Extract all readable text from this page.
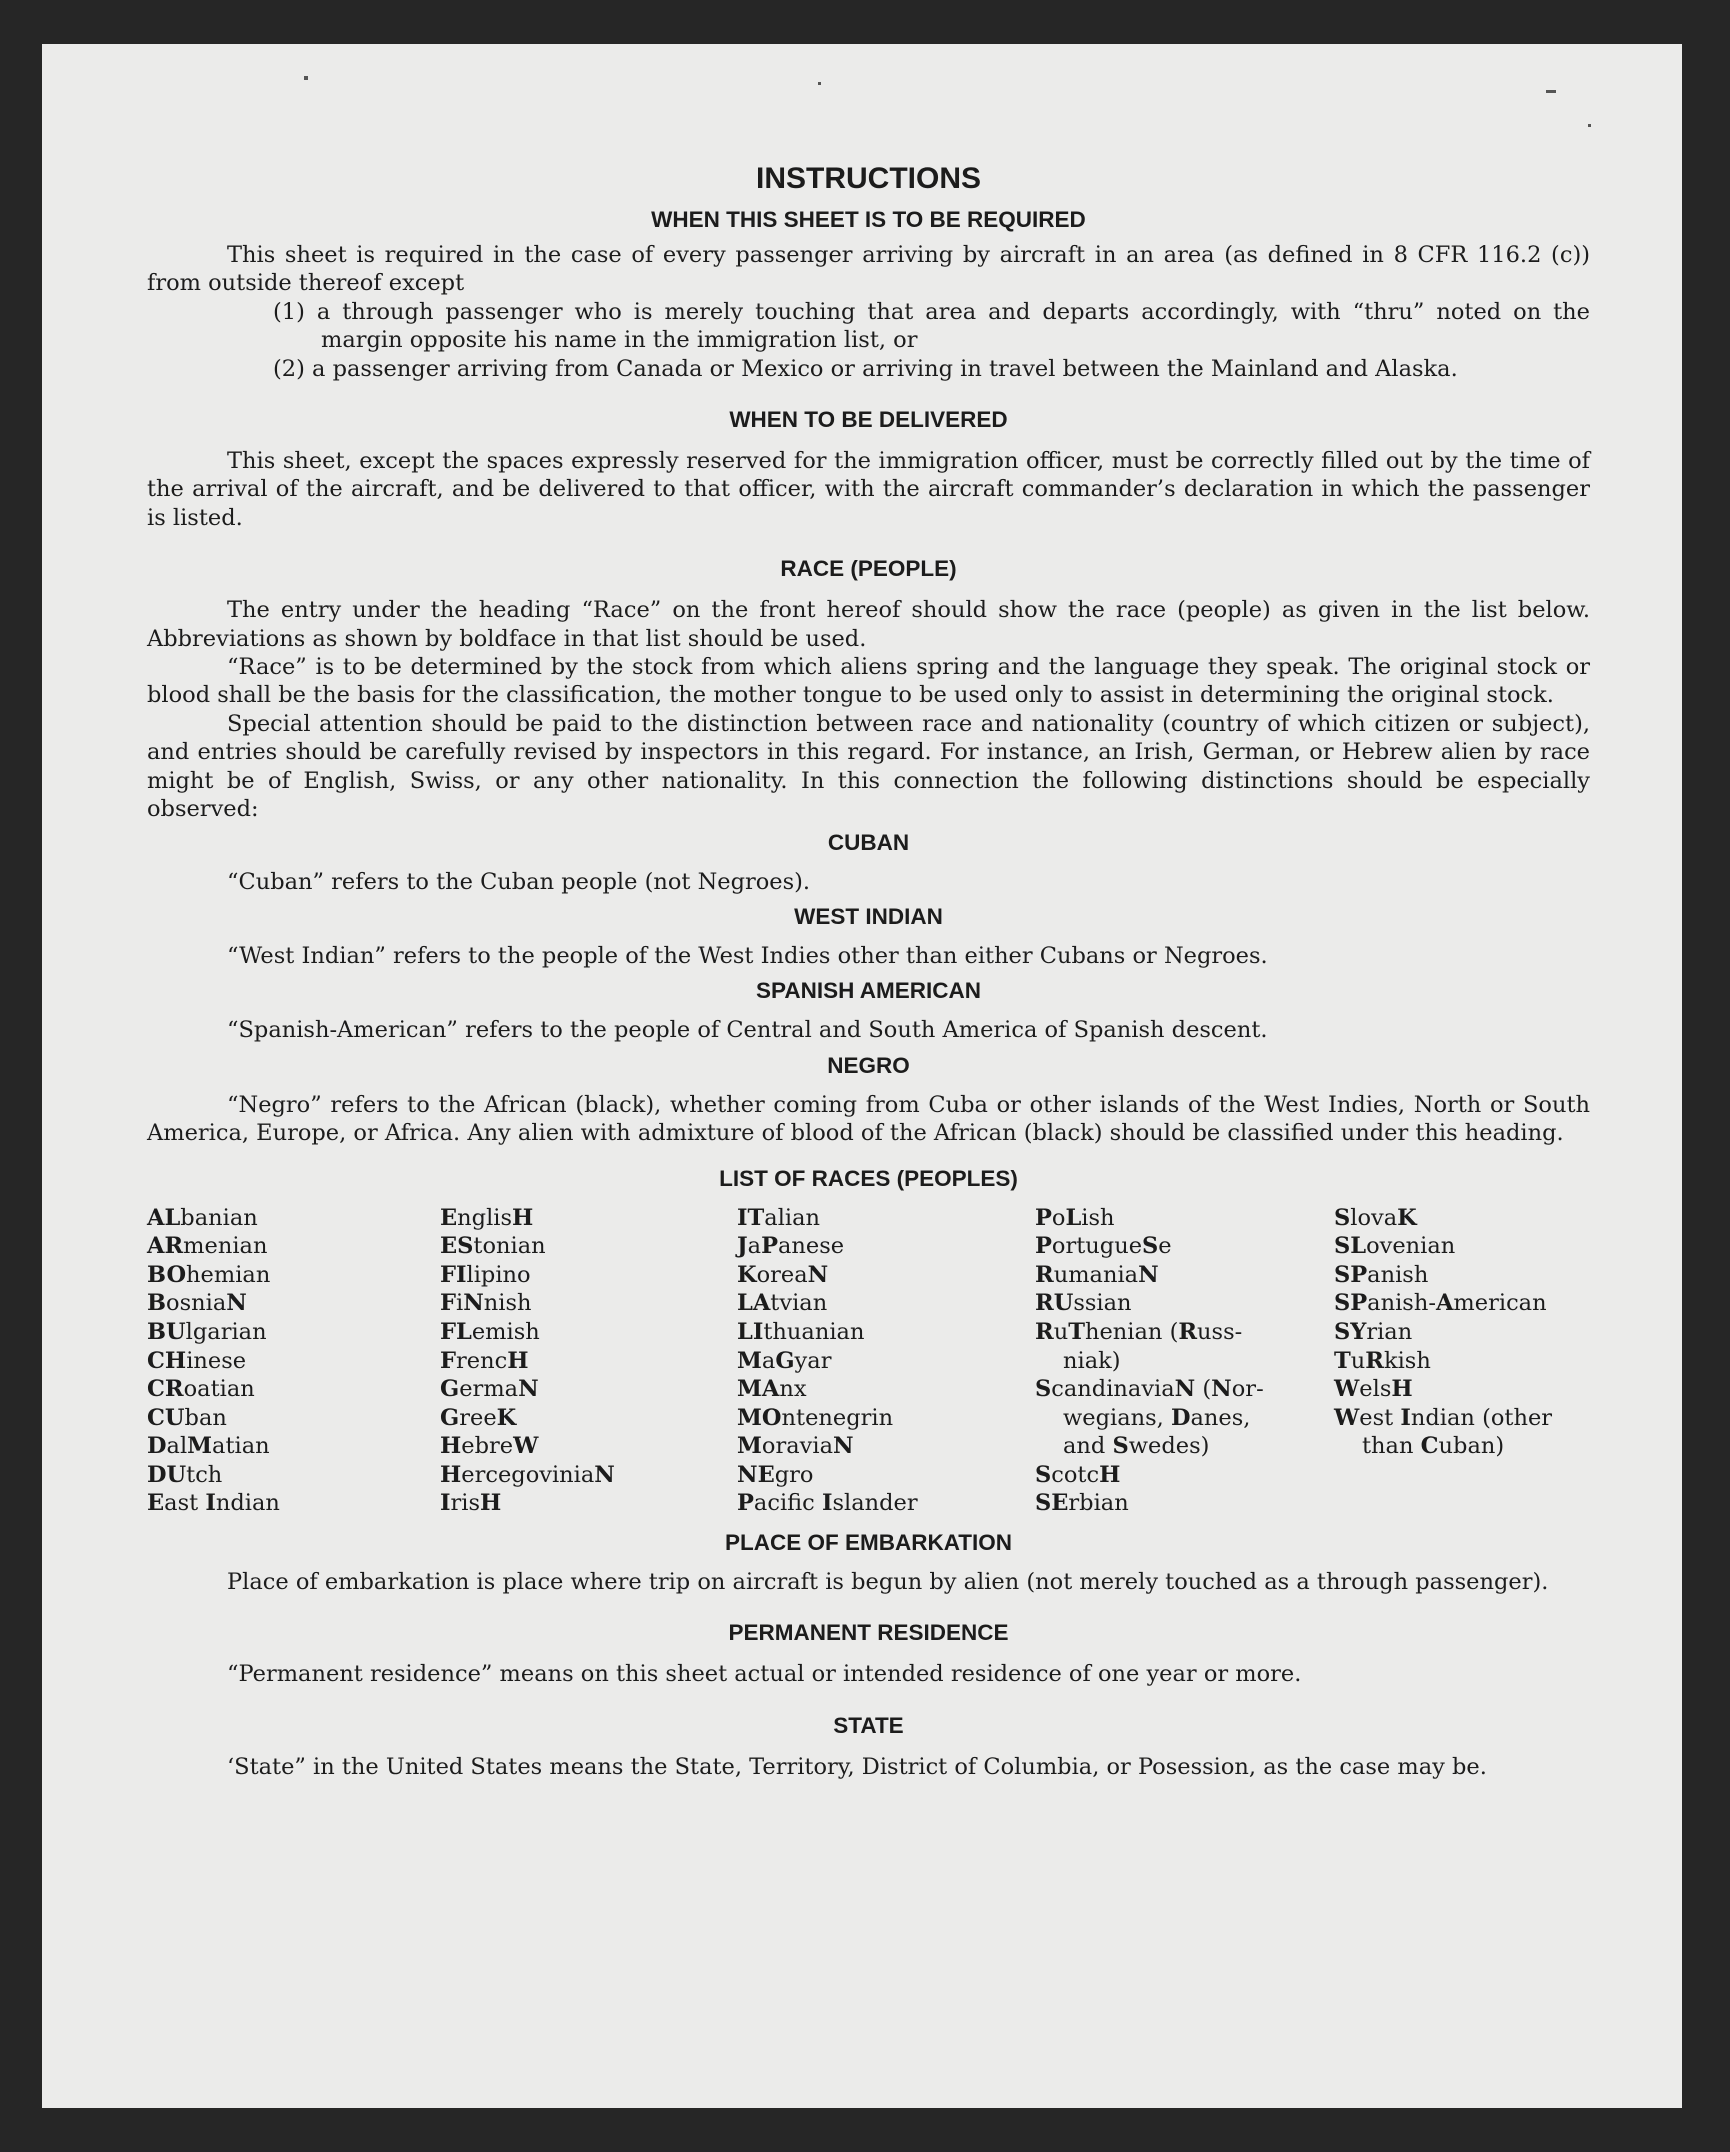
INSTRUCTIONS
WHEN THIS SHEET IS TO BE REQUIRED

This sheet is required in the case of every passenger arriving by aircraft in an area (as defined in 8 CFR 116.2 (c)) from outside thereof except

(1) a through passenger who is merely touching that area and departs accordingly, with “thru” noted on the margin opposite his name in the immigration list, or

(2) a passenger arriving from Canada or Mexico or arriving in travel between the Mainland and Alaska.

WHEN TO BE DELIVERED

This sheet, except the spaces expressly reserved for the immigration officer, must be correctly filled out by the time of the arrival of the aircraft, and be delivered to that officer, with the aircraft commander’s declaration in which the passenger is listed.

RACE (PEOPLE)

The entry under the heading “Race” on the front hereof should show the race (people) as given in the list below. Abbreviations as shown by boldface in that list should be used.

“Race” is to be determined by the stock from which aliens spring and the language they speak. The original stock or blood shall be the basis for the classification, the mother tongue to be used only to assist in determining the original stock.

Special attention should be paid to the distinction between race and nationality (country of which citizen or subject), and entries should be carefully revised by inspectors in this regard. For instance, an Irish, German, or Hebrew alien by race might be of English, Swiss, or any other nationality. In this connection the following distinctions should be especially observed:

CUBAN

“Cuban” refers to the Cuban people (not Negroes).

WEST INDIAN

“West Indian” refers to the people of the West Indies other than either Cubans or Negroes.

SPANISH AMERICAN

“Spanish-American” refers to the people of Central and South America of Spanish descent.

NEGRO

“Negro” refers to the African (black), whether coming from Cuba or other islands of the West Indies, North or South America, Europe, or Africa. Any alien with admixture of blood of the African (black) should be classified under this heading.

LIST OF RACES (PEOPLES)
ALbanian
ARmenian
BOhemian
BosniaN
BUlgarian
CHinese
CRoatian
CUban
DalMatian
DUtch
East Indian
EnglisH
EStonian
FIlipino
FiNnish
FLemish
FrencH
GermaN
GreeK
HebreW
HercegoviniaN
IrisH
ITalian
JaPanese
KoreaN
LAtvian
LIthuanian
MaGyar
MAnx
MOntenegrin
MoraviaN
NEgro
Pacifc Islander
PoLish
PortugueSe
RumaniaN
RUssian
RuThenian (Russ-
niak)
ScandinaviaN (Nor-
wegians, Danes,
and Swedes)
ScotcH
SErbian
SlovaK
SLovenian
SPanish
SPanish-American
SYrian
TuRkish
WelsH
West Indian (other
than Cuban)
PLACE OF EMBARKATION

Place of embarkation is place where trip on aircraft is begun by alien (not merely touched as a through passenger).

PERMANENT RESIDENCE

“Permanent residence” means on this sheet actual or intended residence of one year or more.

STATE

‘State” in the United States means the State, Territory, District of Columbia, or Posession, as the case may be.
